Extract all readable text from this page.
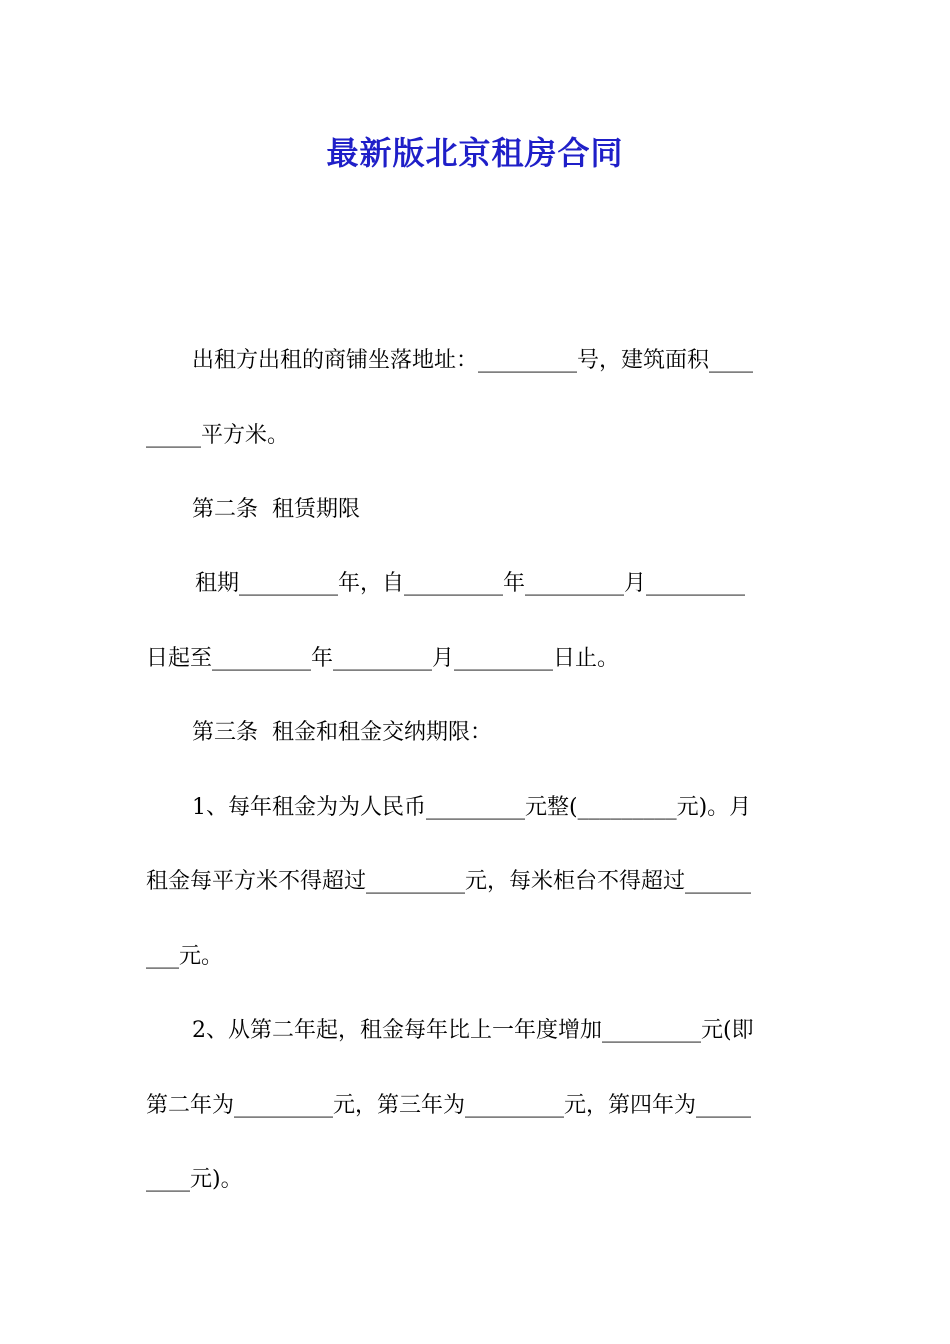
最新版北京租房合同
出租方出租的商铺坐落地址：_________号，建筑面积____
_____平方米。
第二条  租赁期限
租期_________年，自_________年_________月_________
日起至_________年_________月_________日止。
第三条  租金和租金交纳期限：
1、每年租金为为人民币_________元整(_________元)。月
租金每平方米不得超过_________元，每米柜台不得超过______
___元。
2、从第二年起，租金每年比上一年度增加_________元(即
第二年为_________元，第三年为_________元，第四年为_____
____元)。
